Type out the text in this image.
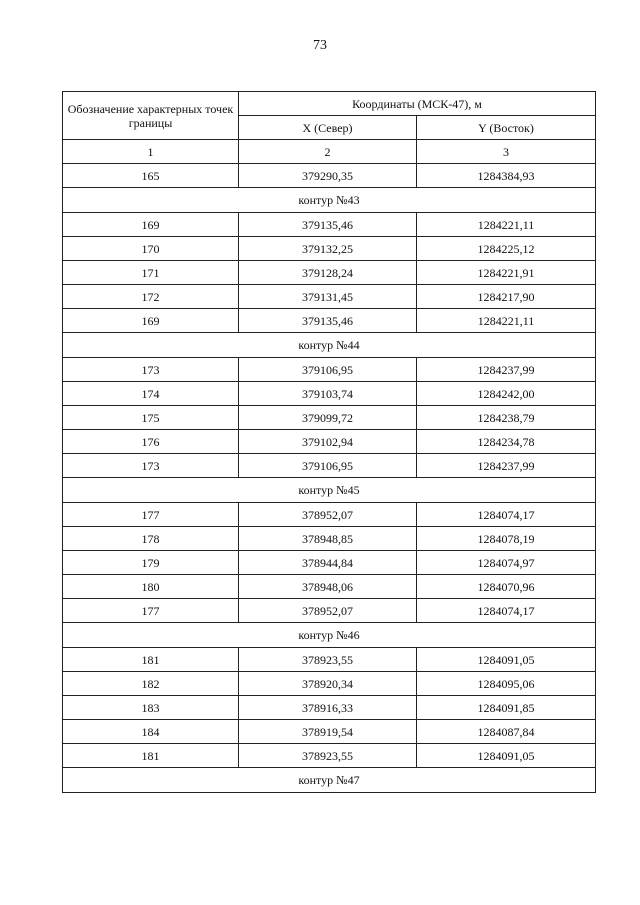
73
Обозначение характерных точек границы	Координаты (МСК-47), м	
	X (Север)	Y (Восток)
1	2	3
165	379290,35	1284384,93
контур №43		
169	379135,46	1284221,11
170	379132,25	1284225,12
171	379128,24	1284221,91
172	379131,45	1284217,90
169	379135,46	1284221,11
контур №44		
173	379106,95	1284237,99
174	379103,74	1284242,00
175	379099,72	1284238,79
176	379102,94	1284234,78
173	379106,95	1284237,99
контур №45		
177	378952,07	1284074,17
178	378948,85	1284078,19
179	378944,84	1284074,97
180	378948,06	1284070,96
177	378952,07	1284074,17
контур №46		
181	378923,55	1284091,05
182	378920,34	1284095,06
183	378916,33	1284091,85
184	378919,54	1284087,84
181	378923,55	1284091,05
контур №47		
